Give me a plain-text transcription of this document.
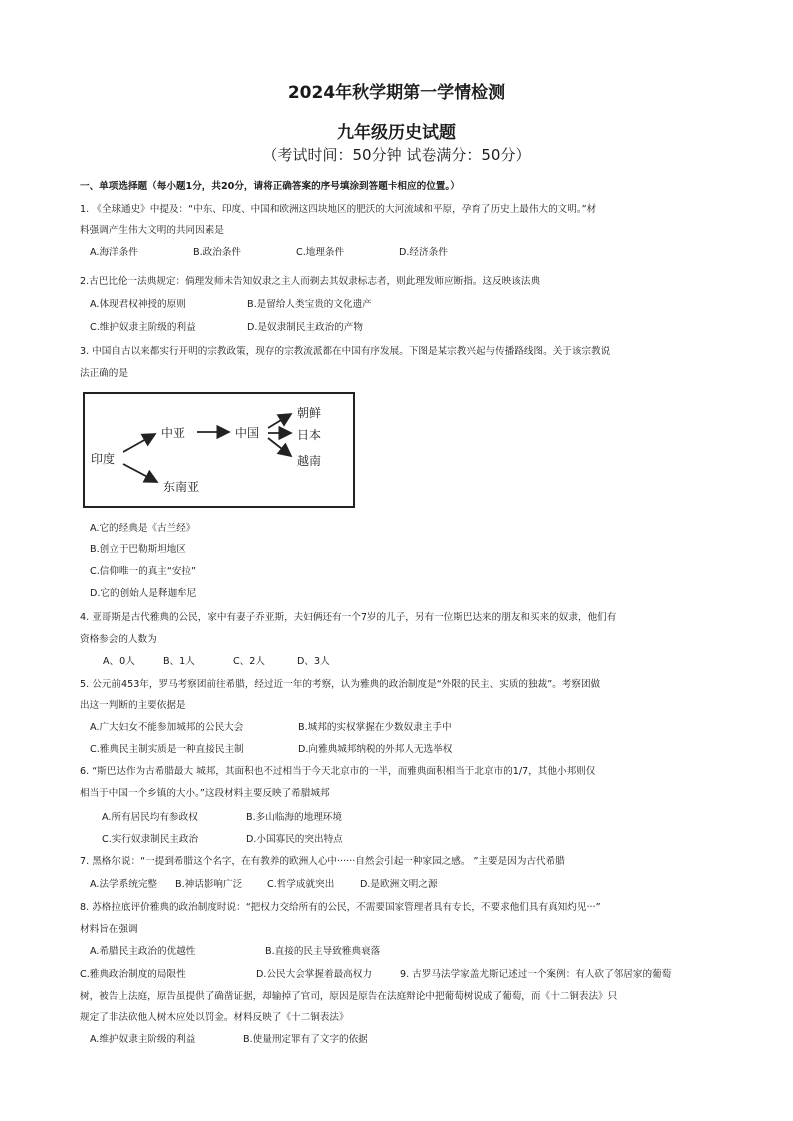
2024年秋学期第一学情检测
九年级历史试题
（考试时间：50分钟 试卷满分：50分）
一、单项选择题（每小题1分，共20分，请将正确答案的序号填涂到答题卡相应的位置。）
1. 《全球通史》中提及：“中东、印度、中国和欧洲这四块地区的肥沃的大河流域和平原，孕育了历史上最伟大的文明。”材
料强调产生伟大文明的共同因素是
A.海洋条件	B.政治条件	C.地理条件	D.经济条件
2.古巴比伦一法典规定：倘理发师未告知奴隶之主人而剃去其奴隶标志者，则此理发师应断指。这反映该法典
A.体现君权神授的原则	B.是留给人类宝贵的文化遗产
C.维护奴隶主阶级的利益	D.是奴隶制民主政治的产物
3. 中国自古以来都实行开明的宗教政策，现存的宗教流派都在中国有序发展。下图是某宗教兴起与传播路线图。关于该宗教说
法正确的是
印度
中亚	中国
东南亚
朝鲜
日本
越南
A.它的经典是《古兰经》
B.创立于巴勒斯坦地区
C.信仰唯一的真主“安拉”
D.它的创始人是释迦牟尼
4. 亚哥斯是古代雅典的公民，家中有妻子乔亚斯，夫妇俩还有一个7岁的儿子，另有一位斯巴达来的朋友和买来的奴隶，他们有
资格参会的人数为
A、0人	B、1人	C、2人	D、3人
5. 公元前453年，罗马考察团前往希腊，经过近一年的考察，认为雅典的政治制度是“外限的民主、实质的独裁”。考察团做
出这一判断的主要依据是
A.广大妇女不能参加城邦的公民大会	B.城邦的实权掌握在少数奴隶主手中
C.雅典民主制实质是一种直接民主制	D.向雅典城邦纳税的外邦人无选举权
6. “斯巴达作为古希腊最大 城邦，其面积也不过相当于今天北京市的一半，而雅典面积相当于北京市的1/7，其他小邦则仅
相当于中国一个乡镇的大小。”这段材料主要反映了希腊城邦
A.所有居民均有参政权	B.多山临海的地理环境
C.实行奴隶制民主政治	D.小国寡民的突出特点
7. 黑格尔说：“一提到希腊这个名字，在有教养的欧洲人心中······自然会引起一种家园之感。 ”主要是因为古代希腊
A.法学系统完整 B.神话影响广泛	C.哲学成就突出	D.是欧洲文明之源
8. 苏格拉底评价雅典的政治制度时说：“把权力交给所有的公民，不需要国家管理者具有专长，不要求他们具有真知灼见···”
材料旨在强调
A.希腊民主政治的优越性	B.直接的民主导致雅典衰落
C.雅典政治制度的局限性	D.公民大会掌握着最高权力	9. 古罗马法学家盖尤斯记述过一个案例：有人砍了邻居家的葡萄
树，被告上法庭，原告虽提供了确凿证据，却输掉了官司，原因是原告在法庭辩论中把葡萄树说成了葡萄，而《十二铜表法》只
规定了非法砍他人树木应处以罚金。材料反映了《十二铜表法》
A.维护奴隶主阶级的利益	B.使量刑定罪有了文字的依据
